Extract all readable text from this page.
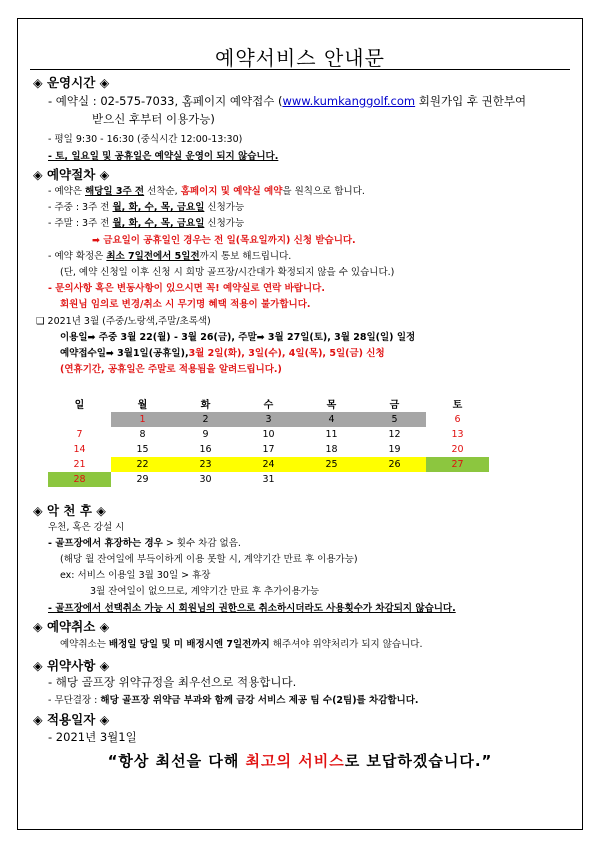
예약서비스 안내문
◈ 운영시간 ◈
- 예약실 : 02-575-7033, 홈페이지 예약접수 (www.kumkanggolf.com 회원가입 후 권한부여
받으신 후부터 이용가능)
- 평일 9:30 - 16:30 (중식시간 12:00-13:30)
- 토, 일요일 및 공휴일은 예약실 운영이 되지 않습니다.
◈ 예약절차 ◈
- 예약은 해당일 3주 전 선착순, 홈페이지 및 예약실 예약을 원칙으로 합니다.
- 주중 : 3주 전 월, 화, 수, 목, 금요일 신청가능
- 주말 : 3주 전 월, 화, 수, 목, 금요일 신청가능
➡ 금요일이 공휴일인 경우는 전 일(목요일까지) 신청 받습니다.
- 예약 확정은 최소 7일전에서 5일전까지 통보 해드립니다.
(단, 예약 신청일 이후 신청 시 희망 골프장/시간대가 확정되지 않을 수 있습니다.)
- 문의사항 혹은 변동사항이 있으시면 꼭! 예약실로 연락 바랍니다.
회원님 임의로 변경/취소 시 무기명 혜택 적용이 불가합니다.
❑ 2021년 3월 (주중/노랑색,주말/초록색)
이용일➡ 주중 3월 22(월) - 3월 26(금), 주말➡ 3월 27일(토), 3월 28일(일) 일정
예약접수일➡ 3월1일(공휴일),3월 2일(화), 3일(수), 4일(목), 5일(금) 신청
(연휴기간, 공휴일은 주말로 적용됨을 알려드립니다.)
일	월	화	수	목	금	토
	1	2	3	4	5	6
7	8	9	10	11	12	13
14	15	16	17	18	19	20
21	22	23	24	25	26	27
28	29	30	31			
◈ 악 천 후 ◈
우천, 혹은 강설 시
- 골프장에서 휴장하는 경우 > 횟수 차감 없음.
(해당 월 잔여일에 부득이하게 이용 못할 시, 계약기간 만료 후 이용가능)
ex: 서비스 이용일 3월 30일 > 휴장
3월 잔여일이 없으므로, 계약기간 만료 후 추가이용가능
- 골프장에서 선택취소 가능 시 회원님의 권한으로 취소하시더라도 사용횟수가 차감되지 않습니다.
◈ 예약취소 ◈
예약취소는 배정일 당일 및 미 배정시엔 7일전까지 해주셔야 위약처리가 되지 않습니다.
◈ 위약사항 ◈
- 해당 골프장 위약규정을 최우선으로 적용합니다.
- 무단결장 : 해당 골프장 위약금 부과와 함께 금강 서비스 제공 팀 수(2팀)를 차감합니다.
◈ 적용일자 ◈
- 2021년 3월1일
“항상 최선을 다해 최고의 서비스로 보답하겠습니다.”
